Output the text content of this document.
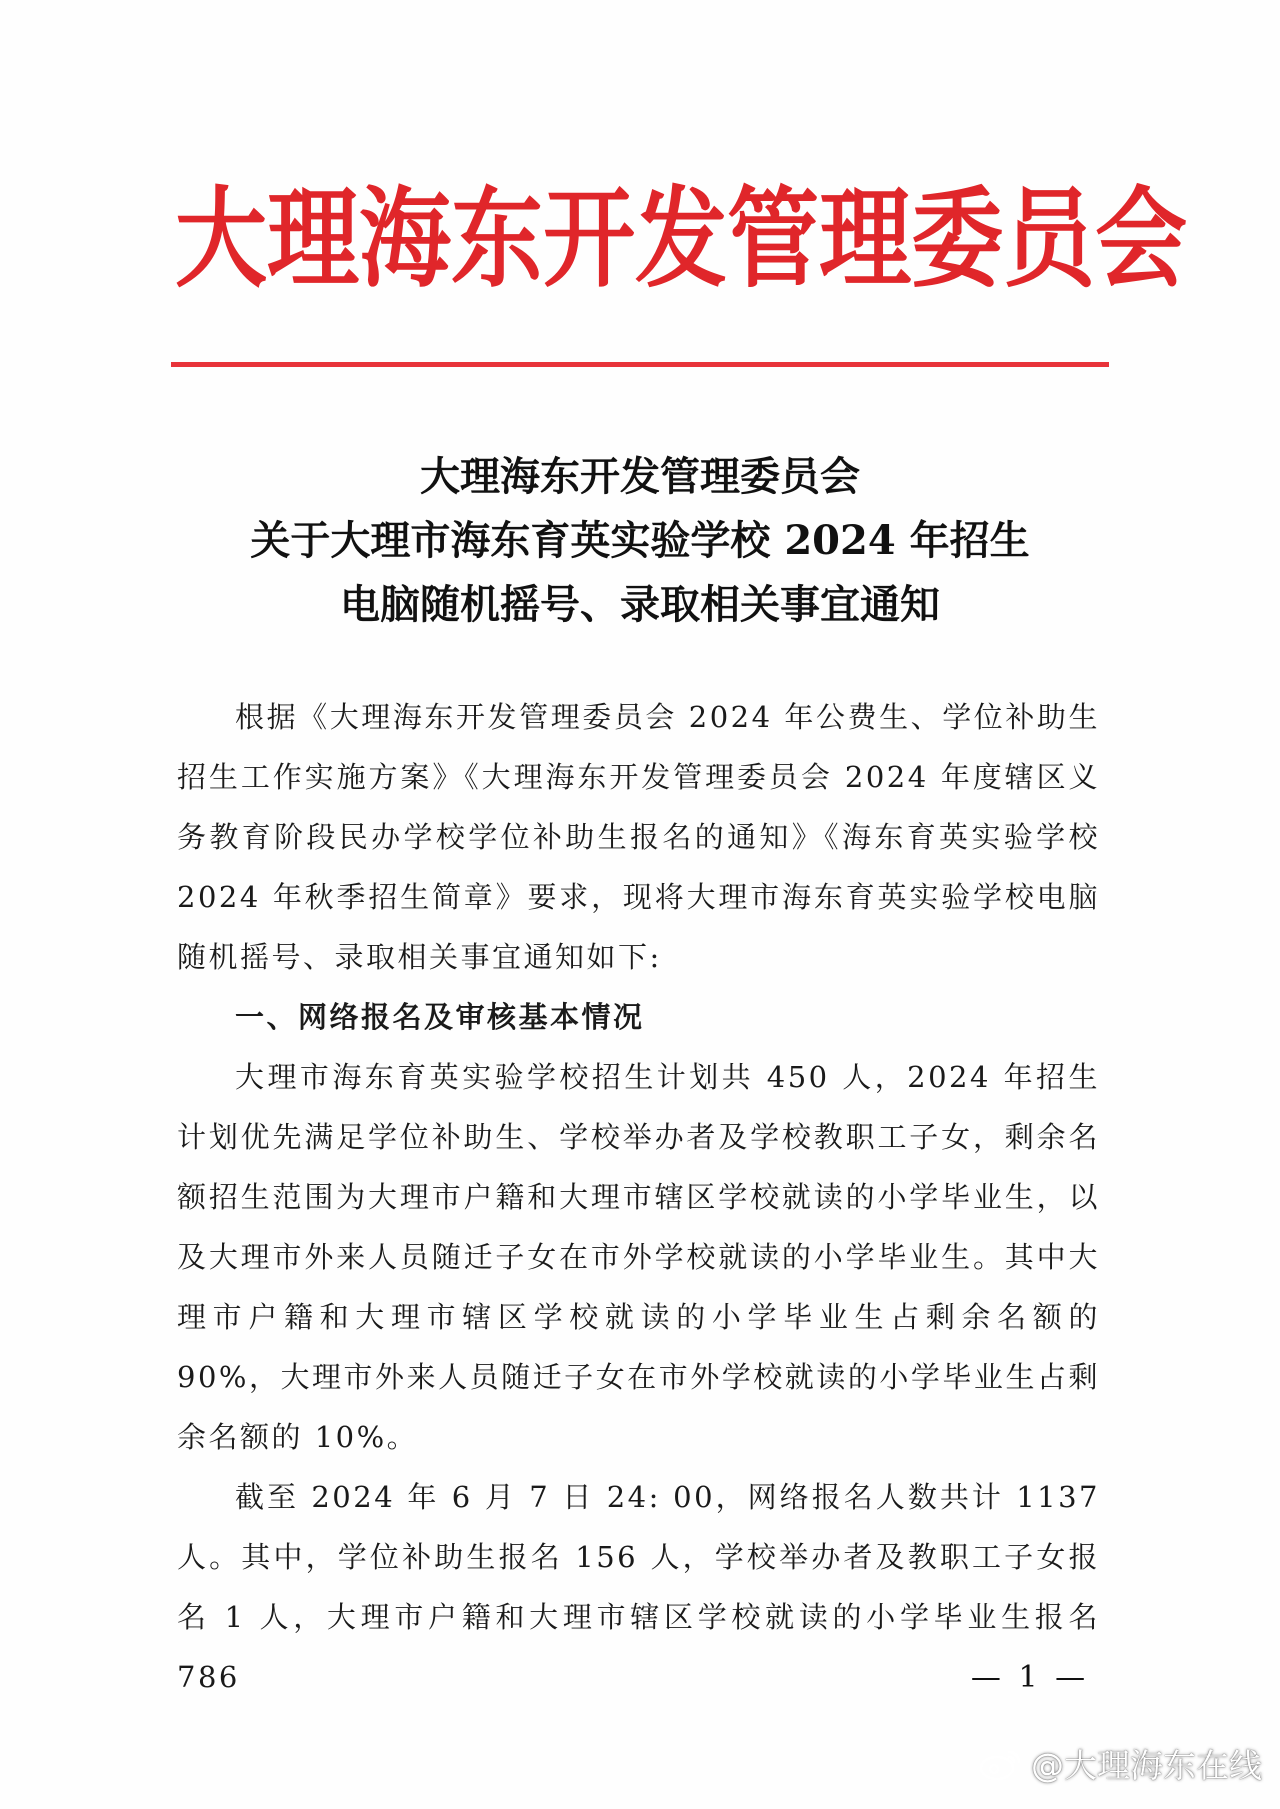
大 理 海 东 开 发 管 理 委 员 会
大理海东开发管理委员会
关于大理市海东育英实验学校 2024 年招生
电脑随机摇号、录取相关事宜通知

根据《大理海东开发管理委员会 2024 年公费生、学位补助生招生工作实施方案》《大理海东开发管理委员会 2024 年度辖区义务教育阶段民办学校学位补助生报名的通知》《海东育英实验学校 2024 年秋季招生简章》要求，现将大理市海东育英实验学校电脑随机摇号、录取相关事宜通知如下:

一、网络报名及审核基本情况

大理市海东育英实验学校招生计划共 450 人，2024 年招生计划优先满足学位补助生、学校举办者及学校教职工子女，剩余名额招生范围为大理市户籍和大理市辖区学校就读的小学毕业生，以及大理市外来人员随迁子女在市外学校就读的小学毕业生。其中大理市户籍和大理市辖区学校就读的小学毕业生占剩余名额的 90%，大理市外来人员随迁子女在市外学校就读的小学毕业生占剩余名额的 10%。

截至 2024 年 6 月 7 日 24: 00，网络报名人数共计 1137 人。其中，学位补助生报名 156 人，学校举办者及教职工子女报名 1 人，大理市户籍和大理市辖区学校就读的小学毕业生报名 786	— 1 —
@大理海东在线
